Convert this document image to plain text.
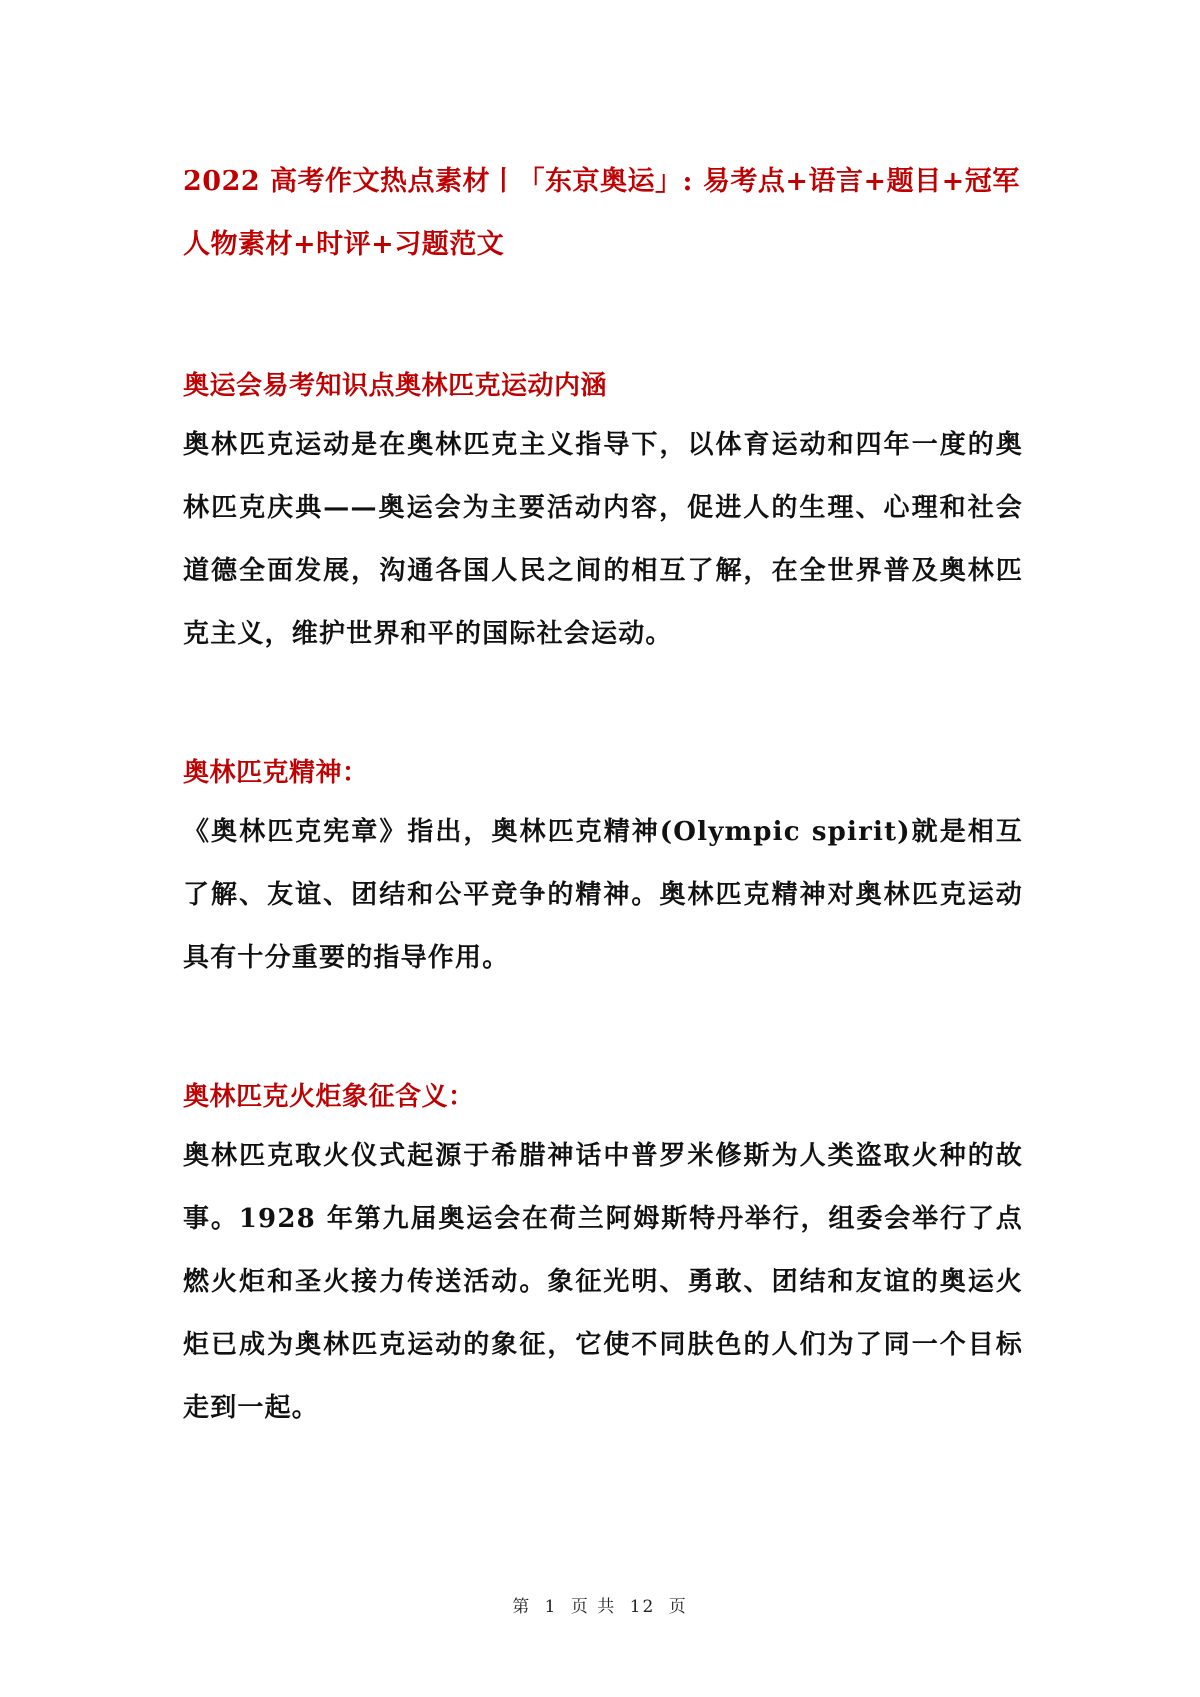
2022 高考作文热点素材丨「东京奥运」: 易考点+语言+题目+冠军人物素材+时评+习题范文
奥运会易考知识点奥林匹克运动内涵

奥林匹克运动是在奥林匹克主义指导下，以体育运动和四年一度的奥林匹克庆典——奥运会为主要活动内容，促进人的生理、心理和社会道德全面发展，沟通各国人民之间的相互了解，在全世界普及奥林匹克主义，维护世界和平的国际社会运动。

奥林匹克精神：

《奥林匹克宪章》指出，奥林匹克精神(Olympic spirit)就是相互了解、友谊、团结和公平竞争的精神。奥林匹克精神对奥林匹克运动具有十分重要的指导作用。

奥林匹克火炬象征含义：

奥林匹克取火仪式起源于希腊神话中普罗米修斯为人类盗取火种的故事。1928 年第九届奥运会在荷兰阿姆斯特丹举行，组委会举行了点燃火炬和圣火接力传送活动。象征光明、勇敢、团结和友谊的奥运火炬已成为奥林匹克运动的象征，它使不同肤色的人们为了同一个目标走到一起。

第 1 页 共 12 页
